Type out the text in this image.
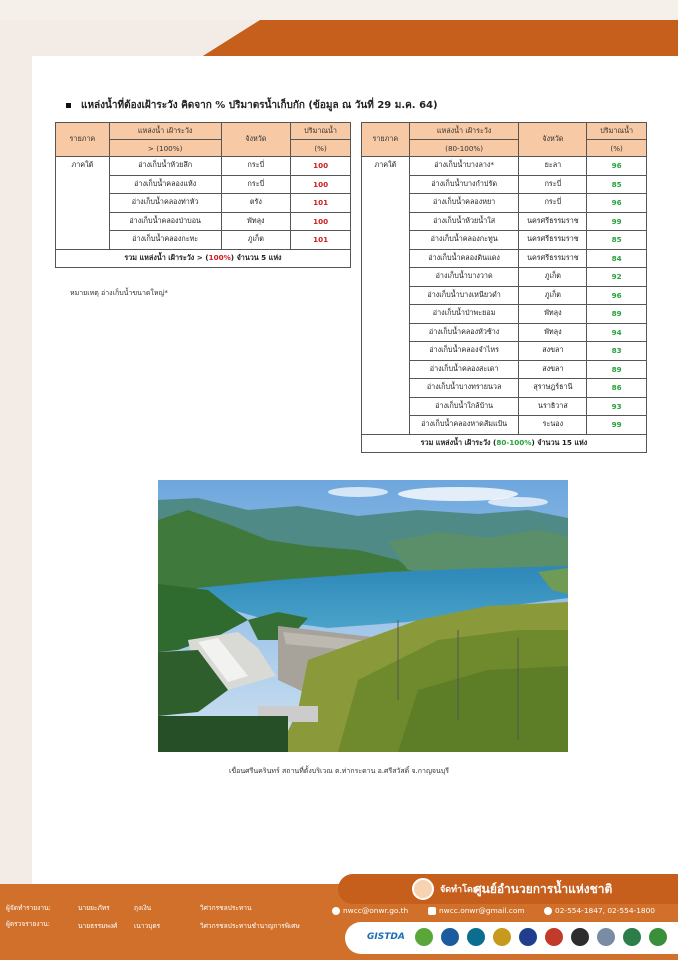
แหล่งน้ำที่ต้องเฝ้าระวัง คิดจาก % ปริมาตรน้ำเก็บกัก (ข้อมูล ณ วันที่ 29 ม.ค. 64)
รายภาค	แหล่งน้ำ เฝ้าระวัง	จังหวัด	ปริมาณน้ำ
	> (100%)		(%)
ภาคใต้	อ่างเก็บน้ำห้วยลึก	กระบี่	100
	อ่างเก็บน้ำคลองแห้ง	กระบี่	100
	อ่างเก็บน้ำคลองท่าหัว	ตรัง	101
	อ่างเก็บน้ำคลองป่าบอน	พัทลุง	100
	อ่างเก็บน้ำคลองกะทะ	ภูเก็ต	101
รวม แหล่งน้ำ เฝ้าระวัง > (100%) จำนวน 5 แห่ง			
รายภาค	แหล่งน้ำ เฝ้าระวัง	จังหวัด	ปริมาณน้ำ
	(80-100%)		(%)
ภาคใต้	อ่างเก็บน้ำบางลาง*	ยะลา	96
	อ่างเก็บน้ำบางกำปรัด	กระบี่	85
	อ่างเก็บน้ำคลองหยา	กระบี่	96
	อ่างเก็บน้ำห้วยน้ำใส	นครศรีธรรมราช	99
	อ่างเก็บน้ำคลองกะทูน	นครศรีธรรมราช	85
	อ่างเก็บน้ำคลองดินแดง	นครศรีธรรมราช	84
	อ่างเก็บน้ำบางวาด	ภูเก็ต	92
	อ่างเก็บน้ำบางเหนียวดำ	ภูเก็ต	96
	อ่างเก็บน้ำป่าพะยอม	พัทลุง	89
	อ่างเก็บน้ำคลองหัวช้าง	พัทลุง	94
	อ่างเก็บน้ำคลองจำไหร	สงขลา	83
	อ่างเก็บน้ำคลองสะเดา	สงขลา	89
	อ่างเก็บน้ำบางทรายนวล	สุราษฎร์ธานี	86
	อ่างเก็บน้ำใกล้บ้าน	นราธิวาส	93
	อ่างเก็บน้ำคลองหาดส้มแป้น	ระนอง	99
รวม แหล่งน้ำ เฝ้าระวัง (80-100%) จำนวน 15 แห่ง			
หมายเหตุ อ่างเก็บน้ำขนาดใหญ่*
เขื่อนศรีนครินทร์ สถานที่ตั้งบริเวณ ต.ท่ากระดาน อ.ศรีสวัสดิ์ จ.กาญจนบุรี
ผู้จัดทำรายงาน:	นายยะภัทร	ถุงเงิน	วิศวกรชลประทาน
ผู้ตรวจรายงาน:	นายธรรมพงศ์	เนาวบุตร	วิศวกรชลประทานชำนาญการพิเศษ
จัดทำโดย :
ศูนย์อำนวยการน้ำแห่งชาติ
nwcc@onwr.go.th	nwcc.onwr@gmail.com	02-554-1847, 02-554-1800
GISTDA
